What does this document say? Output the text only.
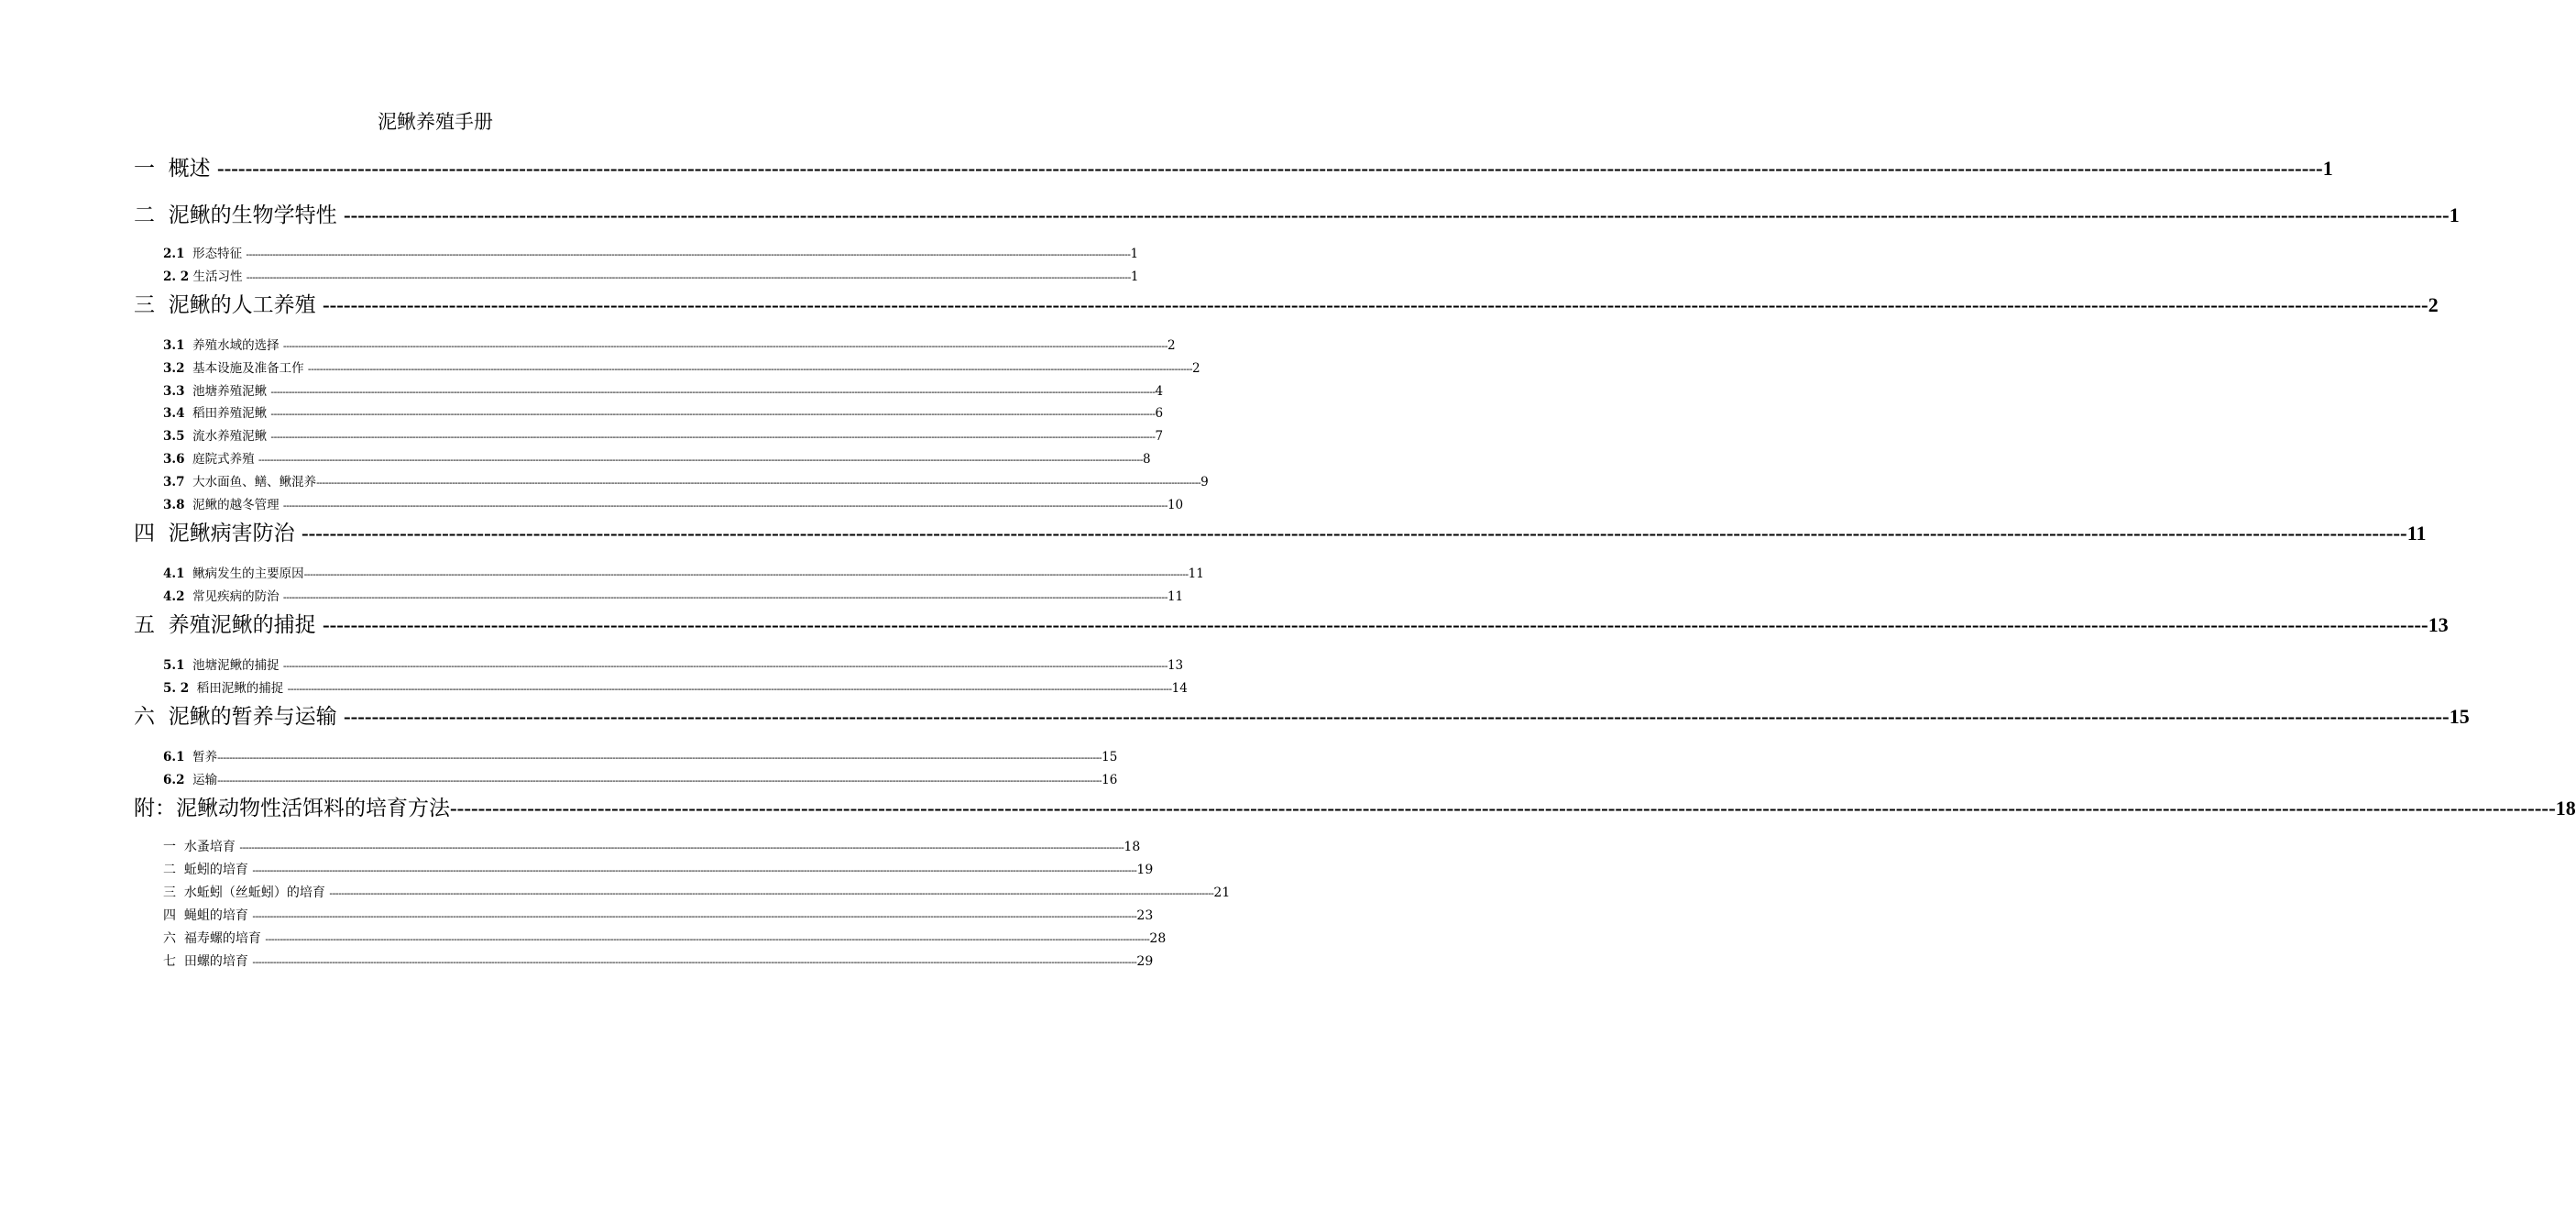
泥鳅养殖手册
一 概述 ------------------------------------------------------------------------------------------------------------------------------------------------------------------------------------------------------------------------------------------------------------------------------------------------------------ 1
二 泥鳅的生物学特性 ------------------------------------------------------------------------------------------------------------------------------------------------------------------------------------------------------------------------------------------------------------------------------------------------------------ 1
2.1 形态特征 ------------------------------------------------------------------------------------------------------------------------------------------------------------------------------------------------------------------------------------------------------------------------------------------------------------ 1
2. 2 生活习性 ------------------------------------------------------------------------------------------------------------------------------------------------------------------------------------------------------------------------------------------------------------------------------------------------------------ 1
三 泥鳅的人工养殖 ------------------------------------------------------------------------------------------------------------------------------------------------------------------------------------------------------------------------------------------------------------------------------------------------------------ 2
3.1 养殖水域的选择 ------------------------------------------------------------------------------------------------------------------------------------------------------------------------------------------------------------------------------------------------------------------------------------------------------------ 2
3.2 基本设施及准备工作 ------------------------------------------------------------------------------------------------------------------------------------------------------------------------------------------------------------------------------------------------------------------------------------------------------------ 2
3.3 池塘养殖泥鳅 ------------------------------------------------------------------------------------------------------------------------------------------------------------------------------------------------------------------------------------------------------------------------------------------------------------ 4
3.4 稻田养殖泥鳅 ------------------------------------------------------------------------------------------------------------------------------------------------------------------------------------------------------------------------------------------------------------------------------------------------------------ 6
3.5 流水养殖泥鳅 ------------------------------------------------------------------------------------------------------------------------------------------------------------------------------------------------------------------------------------------------------------------------------------------------------------ 7
3.6 庭院式养殖 ------------------------------------------------------------------------------------------------------------------------------------------------------------------------------------------------------------------------------------------------------------------------------------------------------------ 8
3.7 大水面鱼、鳝、鳅混养 ------------------------------------------------------------------------------------------------------------------------------------------------------------------------------------------------------------------------------------------------------------------------------------------------------------ 9
3.8 泥鳅的越冬管理 ------------------------------------------------------------------------------------------------------------------------------------------------------------------------------------------------------------------------------------------------------------------------------------------------------------ 10
四 泥鳅病害防治 ------------------------------------------------------------------------------------------------------------------------------------------------------------------------------------------------------------------------------------------------------------------------------------------------------------ 11
4.1 鳅病发生的主要原因 ------------------------------------------------------------------------------------------------------------------------------------------------------------------------------------------------------------------------------------------------------------------------------------------------------------ 11
4.2 常见疾病的防治 ------------------------------------------------------------------------------------------------------------------------------------------------------------------------------------------------------------------------------------------------------------------------------------------------------------ 11
五 养殖泥鳅的捕捉 ------------------------------------------------------------------------------------------------------------------------------------------------------------------------------------------------------------------------------------------------------------------------------------------------------------ 13
5.1 池塘泥鳅的捕捉 ------------------------------------------------------------------------------------------------------------------------------------------------------------------------------------------------------------------------------------------------------------------------------------------------------------ 13
5. 2 稻田泥鳅的捕捉 ------------------------------------------------------------------------------------------------------------------------------------------------------------------------------------------------------------------------------------------------------------------------------------------------------------ 14
六 泥鳅的暂养与运输 ------------------------------------------------------------------------------------------------------------------------------------------------------------------------------------------------------------------------------------------------------------------------------------------------------------ 15
6.1 暂养 ------------------------------------------------------------------------------------------------------------------------------------------------------------------------------------------------------------------------------------------------------------------------------------------------------------ 15
6.2 运输 ------------------------------------------------------------------------------------------------------------------------------------------------------------------------------------------------------------------------------------------------------------------------------------------------------------ 16
附：泥鳅动物性活饵料的培育方法 ------------------------------------------------------------------------------------------------------------------------------------------------------------------------------------------------------------------------------------------------------------------------------------------------------------ 18
一 水蚤培育 ------------------------------------------------------------------------------------------------------------------------------------------------------------------------------------------------------------------------------------------------------------------------------------------------------------ 18
二 蚯蚓的培育 ------------------------------------------------------------------------------------------------------------------------------------------------------------------------------------------------------------------------------------------------------------------------------------------------------------ 19
三 水蚯蚓（丝蚯蚓）的培育 ------------------------------------------------------------------------------------------------------------------------------------------------------------------------------------------------------------------------------------------------------------------------------------------------------------ 21
四 蝇蛆的培育 ------------------------------------------------------------------------------------------------------------------------------------------------------------------------------------------------------------------------------------------------------------------------------------------------------------ 23
六 福寿螺的培育 ------------------------------------------------------------------------------------------------------------------------------------------------------------------------------------------------------------------------------------------------------------------------------------------------------------ 28
七 田螺的培育 ------------------------------------------------------------------------------------------------------------------------------------------------------------------------------------------------------------------------------------------------------------------------------------------------------------ 29
